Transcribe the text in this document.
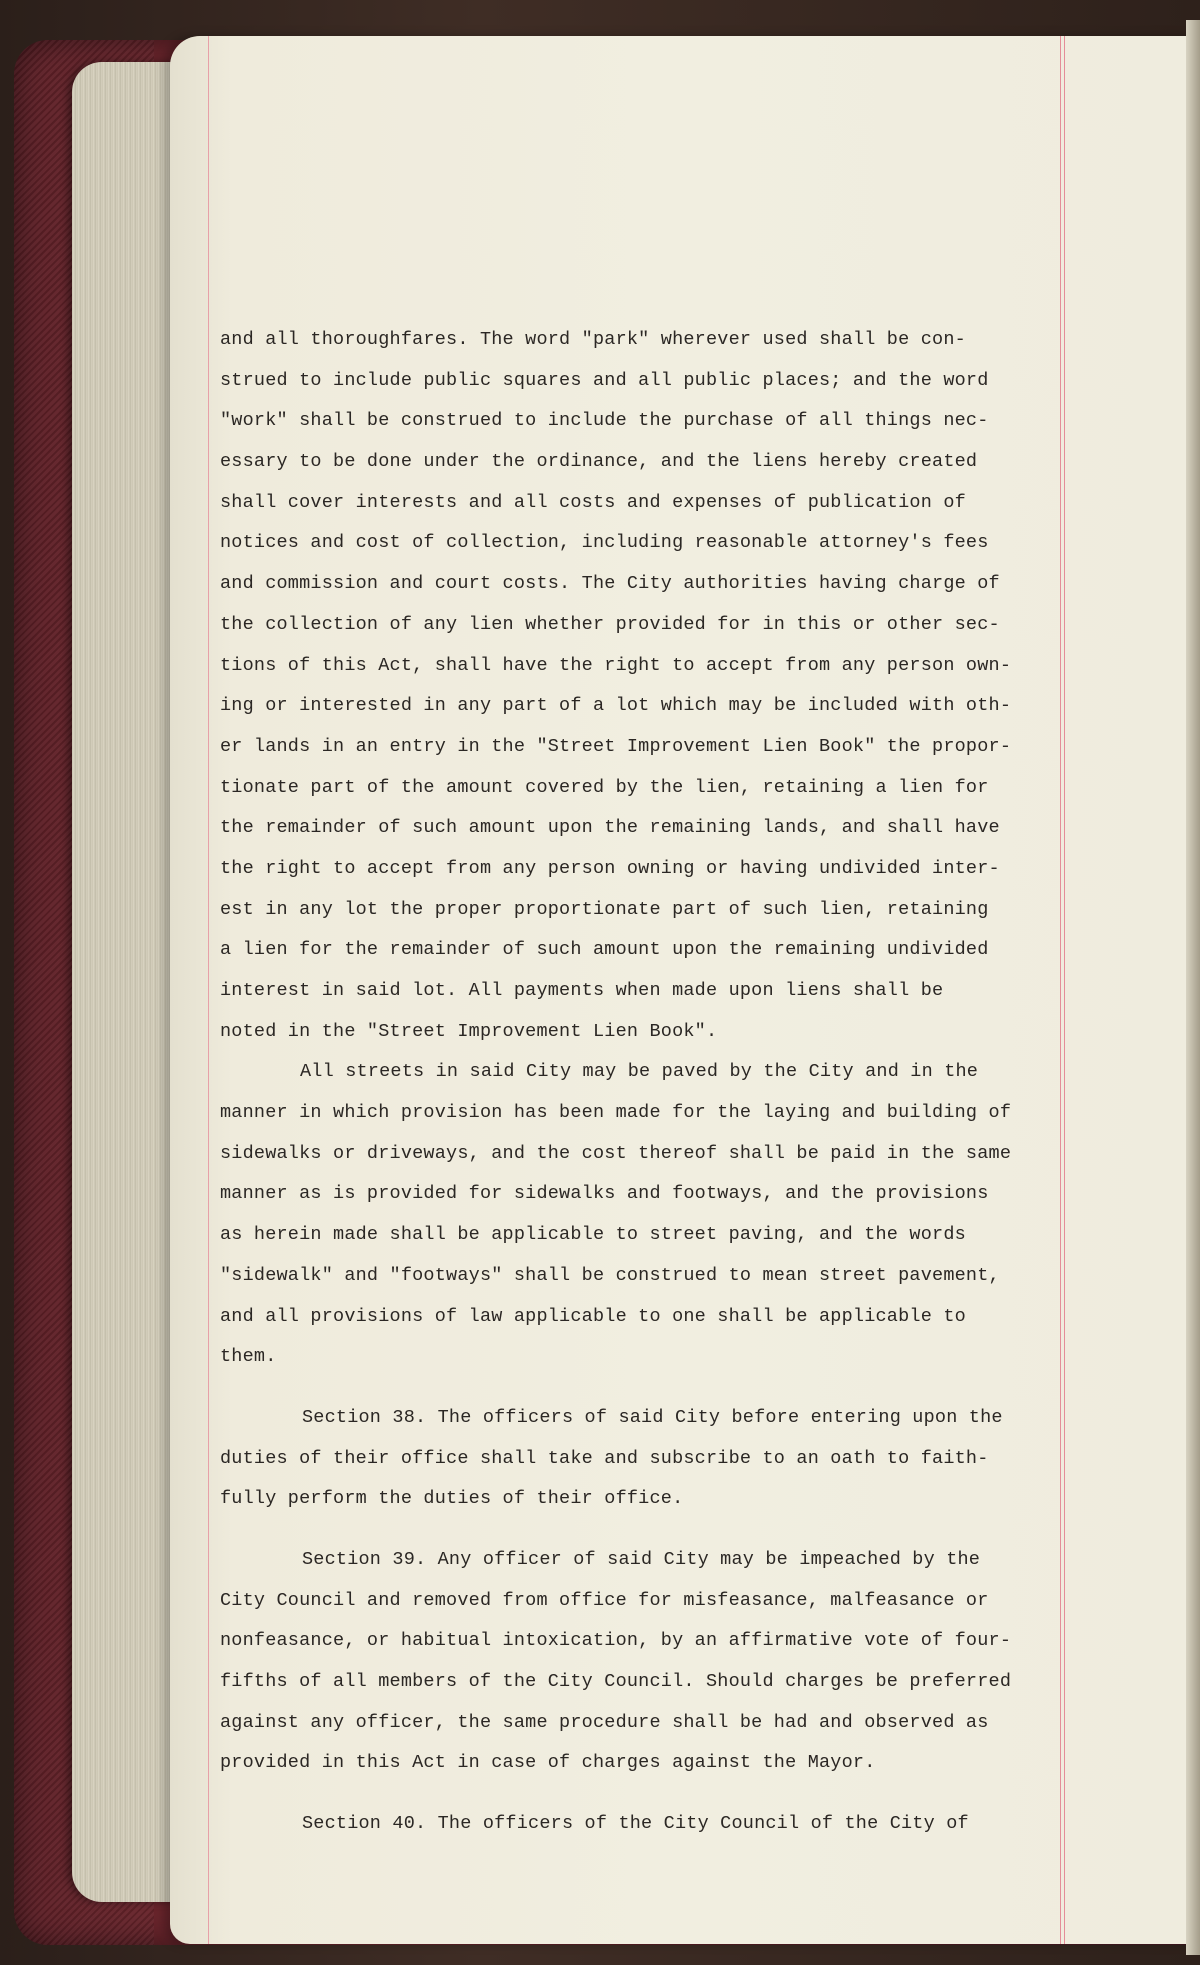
and all thoroughfares. The word "park" wherever used shall be con-
strued to include public squares and all public places; and the word
"work" shall be construed to include the purchase of all things nec-
essary to be done under the ordinance, and the liens hereby created
shall cover interests and all costs and expenses of publication of
notices and cost of collection, including reasonable attorney's fees
and commission and court costs. The City authorities having charge of
the collection of any lien whether provided for in this or other sec-
tions of this Act, shall have the right to accept from any person own-
ing or interested in any part of a lot which may be included with oth-
er lands in an entry in the "Street Improvement Lien Book" the propor-
tionate part of the amount covered by the lien, retaining a lien for
the remainder of such amount upon the remaining lands, and shall have
the right to accept from any person owning or having undivided inter-
est in any lot the proper proportionate part of such lien, retaining
a lien for the remainder of such amount upon the remaining undivided
interest in said lot. All payments when made upon liens shall be
noted in the "Street Improvement Lien Book".
All streets in said City may be paved by the City and in the
manner in which provision has been made for the laying and building of
sidewalks or driveways, and the cost thereof shall be paid in the same
manner as is provided for sidewalks and footways, and the provisions
as herein made shall be applicable to street paving, and the words
"sidewalk" and "footways" shall be construed to mean street pavement,
and all provisions of law applicable to one shall be applicable to
them.
Section 38. The officers of said City before entering upon the
duties of their office shall take and subscribe to an oath to faith-
fully perform the duties of their office.
Section 39. Any officer of said City may be impeached by the
City Council and removed from office for misfeasance, malfeasance or
nonfeasance, or habitual intoxication, by an affirmative vote of four-
fifths of all members of the City Council. Should charges be preferred
against any officer, the same procedure shall be had and observed as
provided in this Act in case of charges against the Mayor.
Section 40. The officers of the City Council of the City of
